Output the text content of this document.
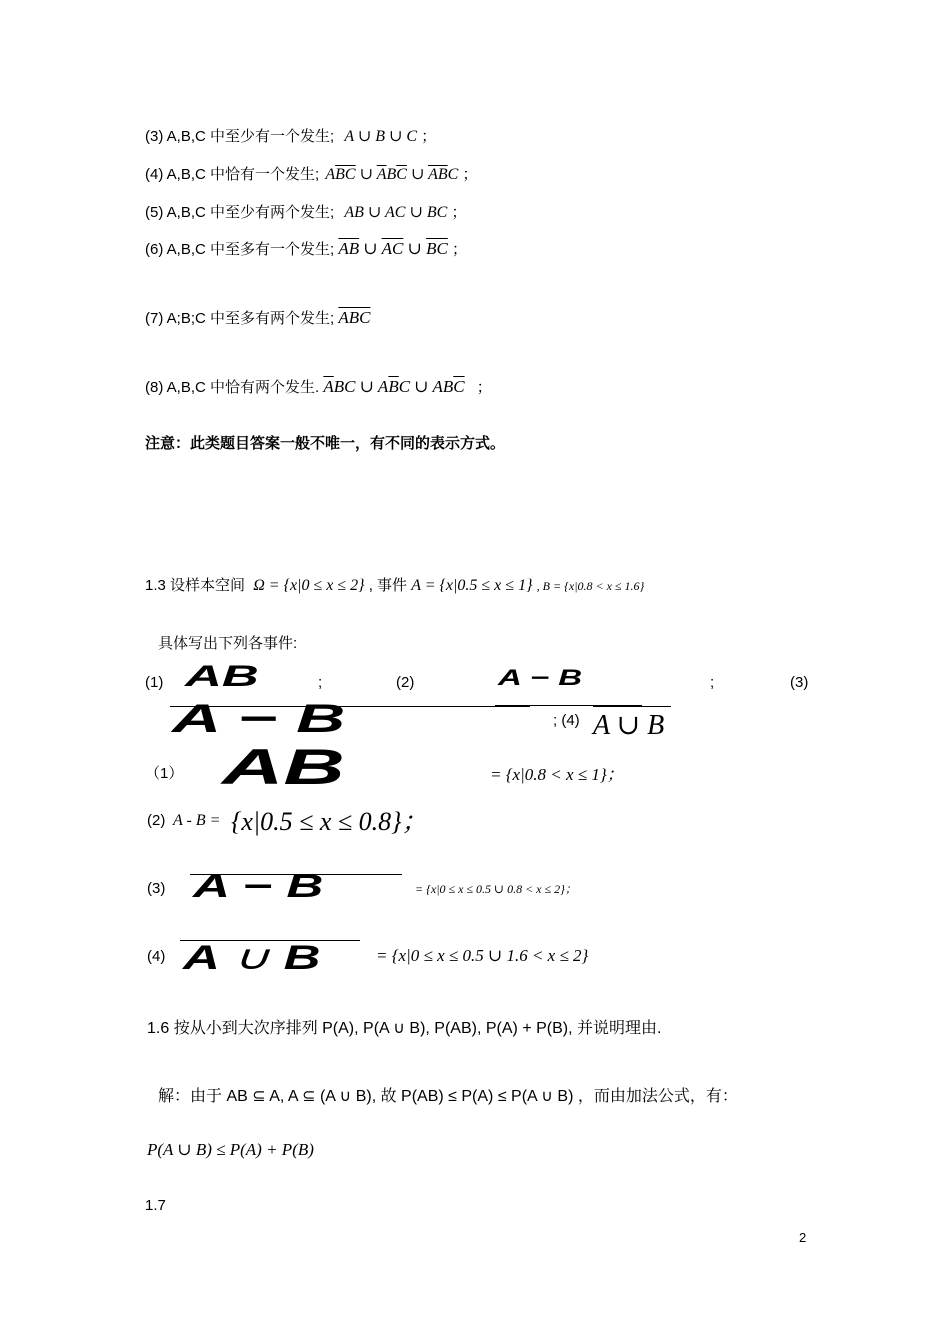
(3) A,B,C 中至少有一个发生; A ∪ B ∪ C ；
(4) A,B,C 中恰有一个发生; $A\overline{B}\overline{C}$ ∪ $\overline{A}B\overline{C}$ ∪ $\overline{A}\overline{B}C$ ；
(5) A,B,C 中至少有两个发生; AB ∪ AC ∪ BC ；
(6) A,B,C 中至多有一个发生; $\overline{A}\overline{B}$ ∪ $\overline{A}\overline{C}$ ∪ $\overline{B}\overline{C}$ ；
(7) A;B;C 中至多有两个发生; $\overline{ABC}$
(8) A,B,C 中恰有两个发生. $\overline{A}BC$ ∪ $A\overline{B}C$ ∪ $AB\overline{C}$ ；
注意：此类题目答案一般不唯一，有不同的表示方式。
1.3 设样本空间 Ω = {x|0 ≤ x ≤ 2} , 事件 A = {x|0.5 ≤ x ≤ 1} , B = {x|0.8 < x ≤ 1.6}
具体写出下列各事件:
(1) AB	;	(2)	A − B	;	(3)
A − B	; (4) A ∪ B
（1） AB	= {x|0.8 < x ≤ 1}；
(2) A - B = {x|0.5 ≤ x ≤ 0.8}；
(3) A − B	= {x|0 ≤ x ≤ 0.5 ∪ 0.8 < x ≤ 2}；
(4) A ∪ B	= {x|0 ≤ x ≤ 0.5 ∪ 1.6 < x ≤ 2}
1.6 按从小到大次序排列 P(A), P(A ∪ B), P(AB), P(A) + P(B), 并说明理由.
解：由于 AB ⊆ A, A ⊆ (A ∪ B), 故 P(AB) ≤ P(A) ≤ P(A ∪ B) ，而由加法公式，有：
P(A ∪ B) ≤ P(A) + P(B)
1.7
2
